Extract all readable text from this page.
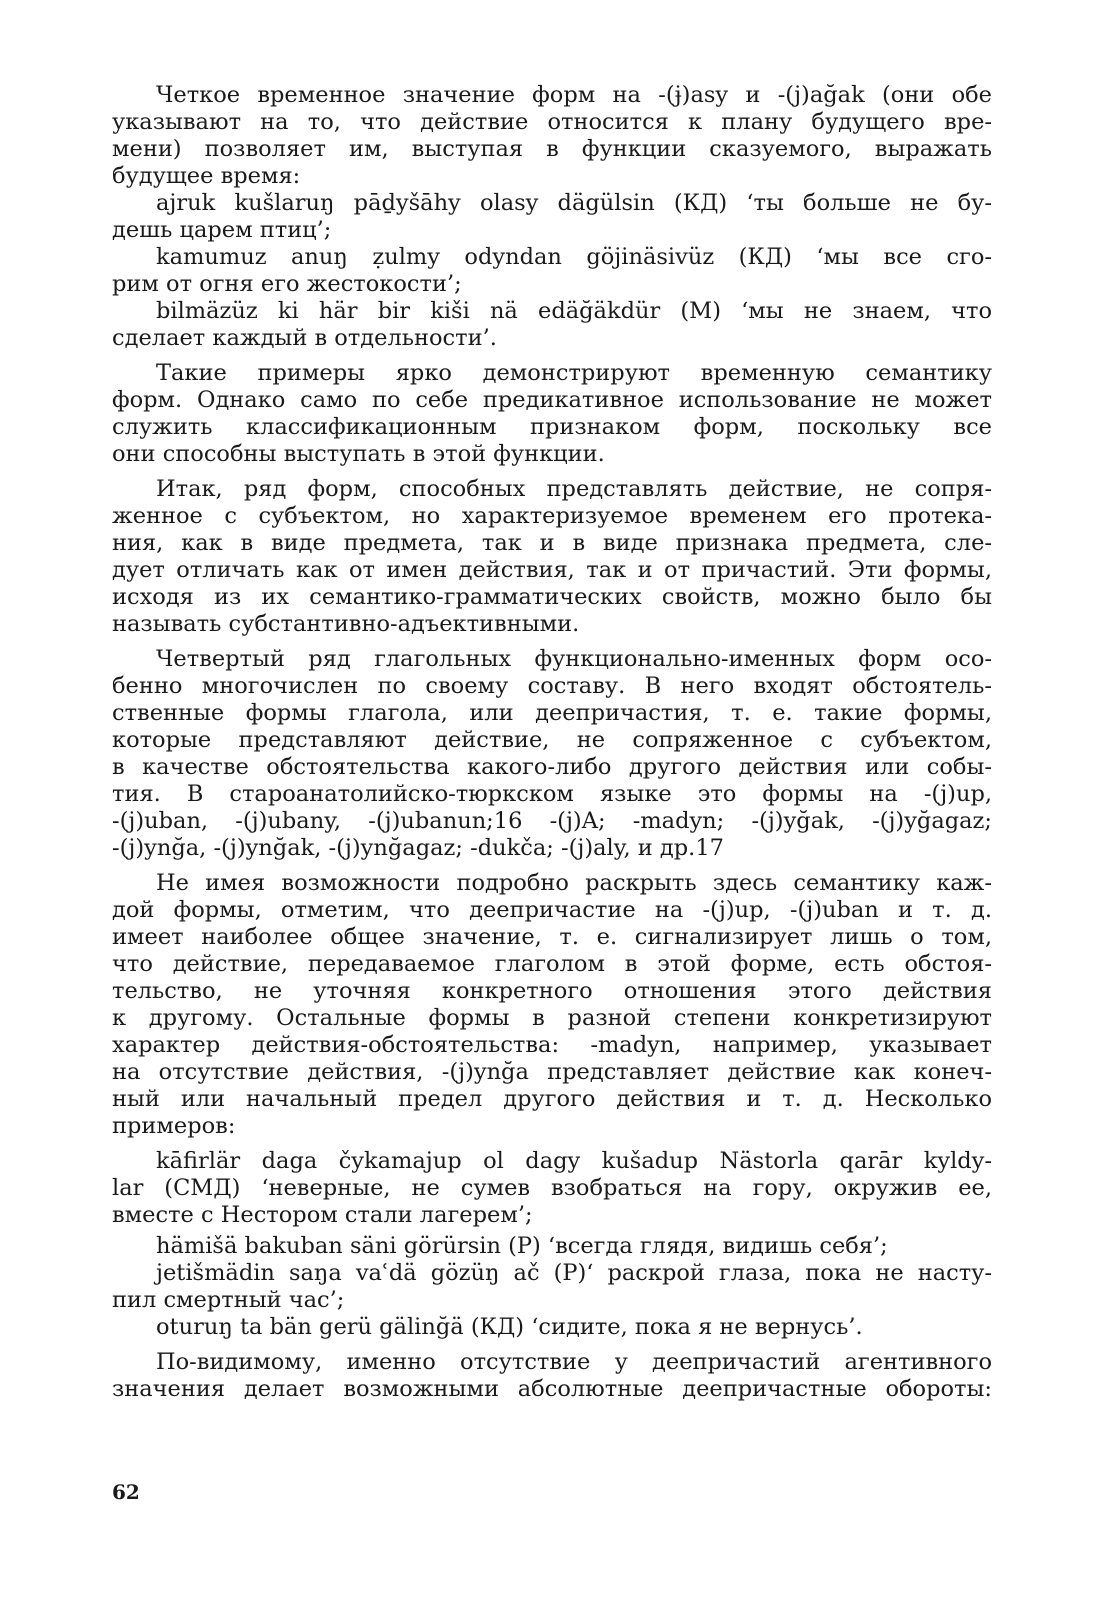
Четкое временное значение форм на -(ɉ)asy и -(j)ağak (они обе

указывают на то, что действие относится к плану будущего вре-

мени) позволяет им, выступая в функции сказуемого, выражать

будущее время:

ajruk kušlaruŋ pāḏyšāhy olasy dägülsin (КД) ‘ты больше не бу-

дешь царем птиц’;

kamumuz anuŋ ẓulmy odyndan göjinäsivüz (КД) ‘мы все сго-

рим от огня его жестокости’;

bilmäzüz ki här bir kiši nä edäğäkdür (М) ‘мы не знаем, что

сделает каждый в отдельности’.

Такие примеры ярко демонстрируют временную семантику

форм. Однако само по себе предикативное использование не может

служить классификационным признаком форм, поскольку все

они способны выступать в этой функции.

Итак, ряд форм, способных представлять действие, не сопря-

женное с субъектом, но характеризуемое временем его протека-

ния, как в виде предмета, так и в виде признака предмета, сле-

дует отличать как от имен действия, так и от причастий. Эти формы,

исходя из их семантико-грамматических свойств, можно было бы

называть субстантивно-адъективными.

Четвертый ряд глагольных функционально-именных форм осо-

бенно многочислен по своему составу. В него входят обстоятель-

ственные формы глагола, или деепричастия, т. е. такие формы,

которые представляют действие, не сопряженное с субъектом,

в качестве обстоятельства какого-либо другого действия или собы-

тия. В староанатолийско-тюркском языке это формы на -(j)up,

-(j)uban, -(j)ubany, -(j)ubanun;16 -(j)A; -madyn; -(j)yğak, -(j)yğagaz;

-(j)ynğa, -(j)ynğak, -(j)ynğagaz; -dukča; -(j)aly, и др.17

Не имея возможности подробно раскрыть здесь семантику каж-

дой формы, отметим, что деепричастие на -(j)up, -(j)uban и т. д.

имеет наиболее общее значение, т. е. сигнализирует лишь о том,

что действие, передаваемое глаголом в этой форме, есть обстоя-

тельство, не уточняя конкретного отношения этого действия

к другому. Остальные формы в разной степени конкретизируют

характер действия-обстоятельства: -madyn, например, указывает

на отсутствие действия, -(j)ynğa представляет действие как конеч-

ный или начальный предел другого действия и т. д. Несколько

примеров:

kāfirlär daga čykamajup ol dagy kušadup Nästorla qarār kyldy-

lar (СМД) ‘неверные, не сумев взобраться на гору, окружив ее,

вместе с Нестором стали лагерем’;

hämišä bakuban säni görürsin (Р) ‘всегда глядя, видишь себя’;

jetišmädin saŋa vaʿdä gözüŋ ač (Р)‘ раскрой глаза, пока не насту-

пил смертный час’;

oturuŋ ta bän gerü gälinğä (КД) ‘сидите, пока я не вернусь’.

По-видимому, именно отсутствие у деепричастий агентивного

значения делает возможными абсолютные деепричастные обороты:

62
